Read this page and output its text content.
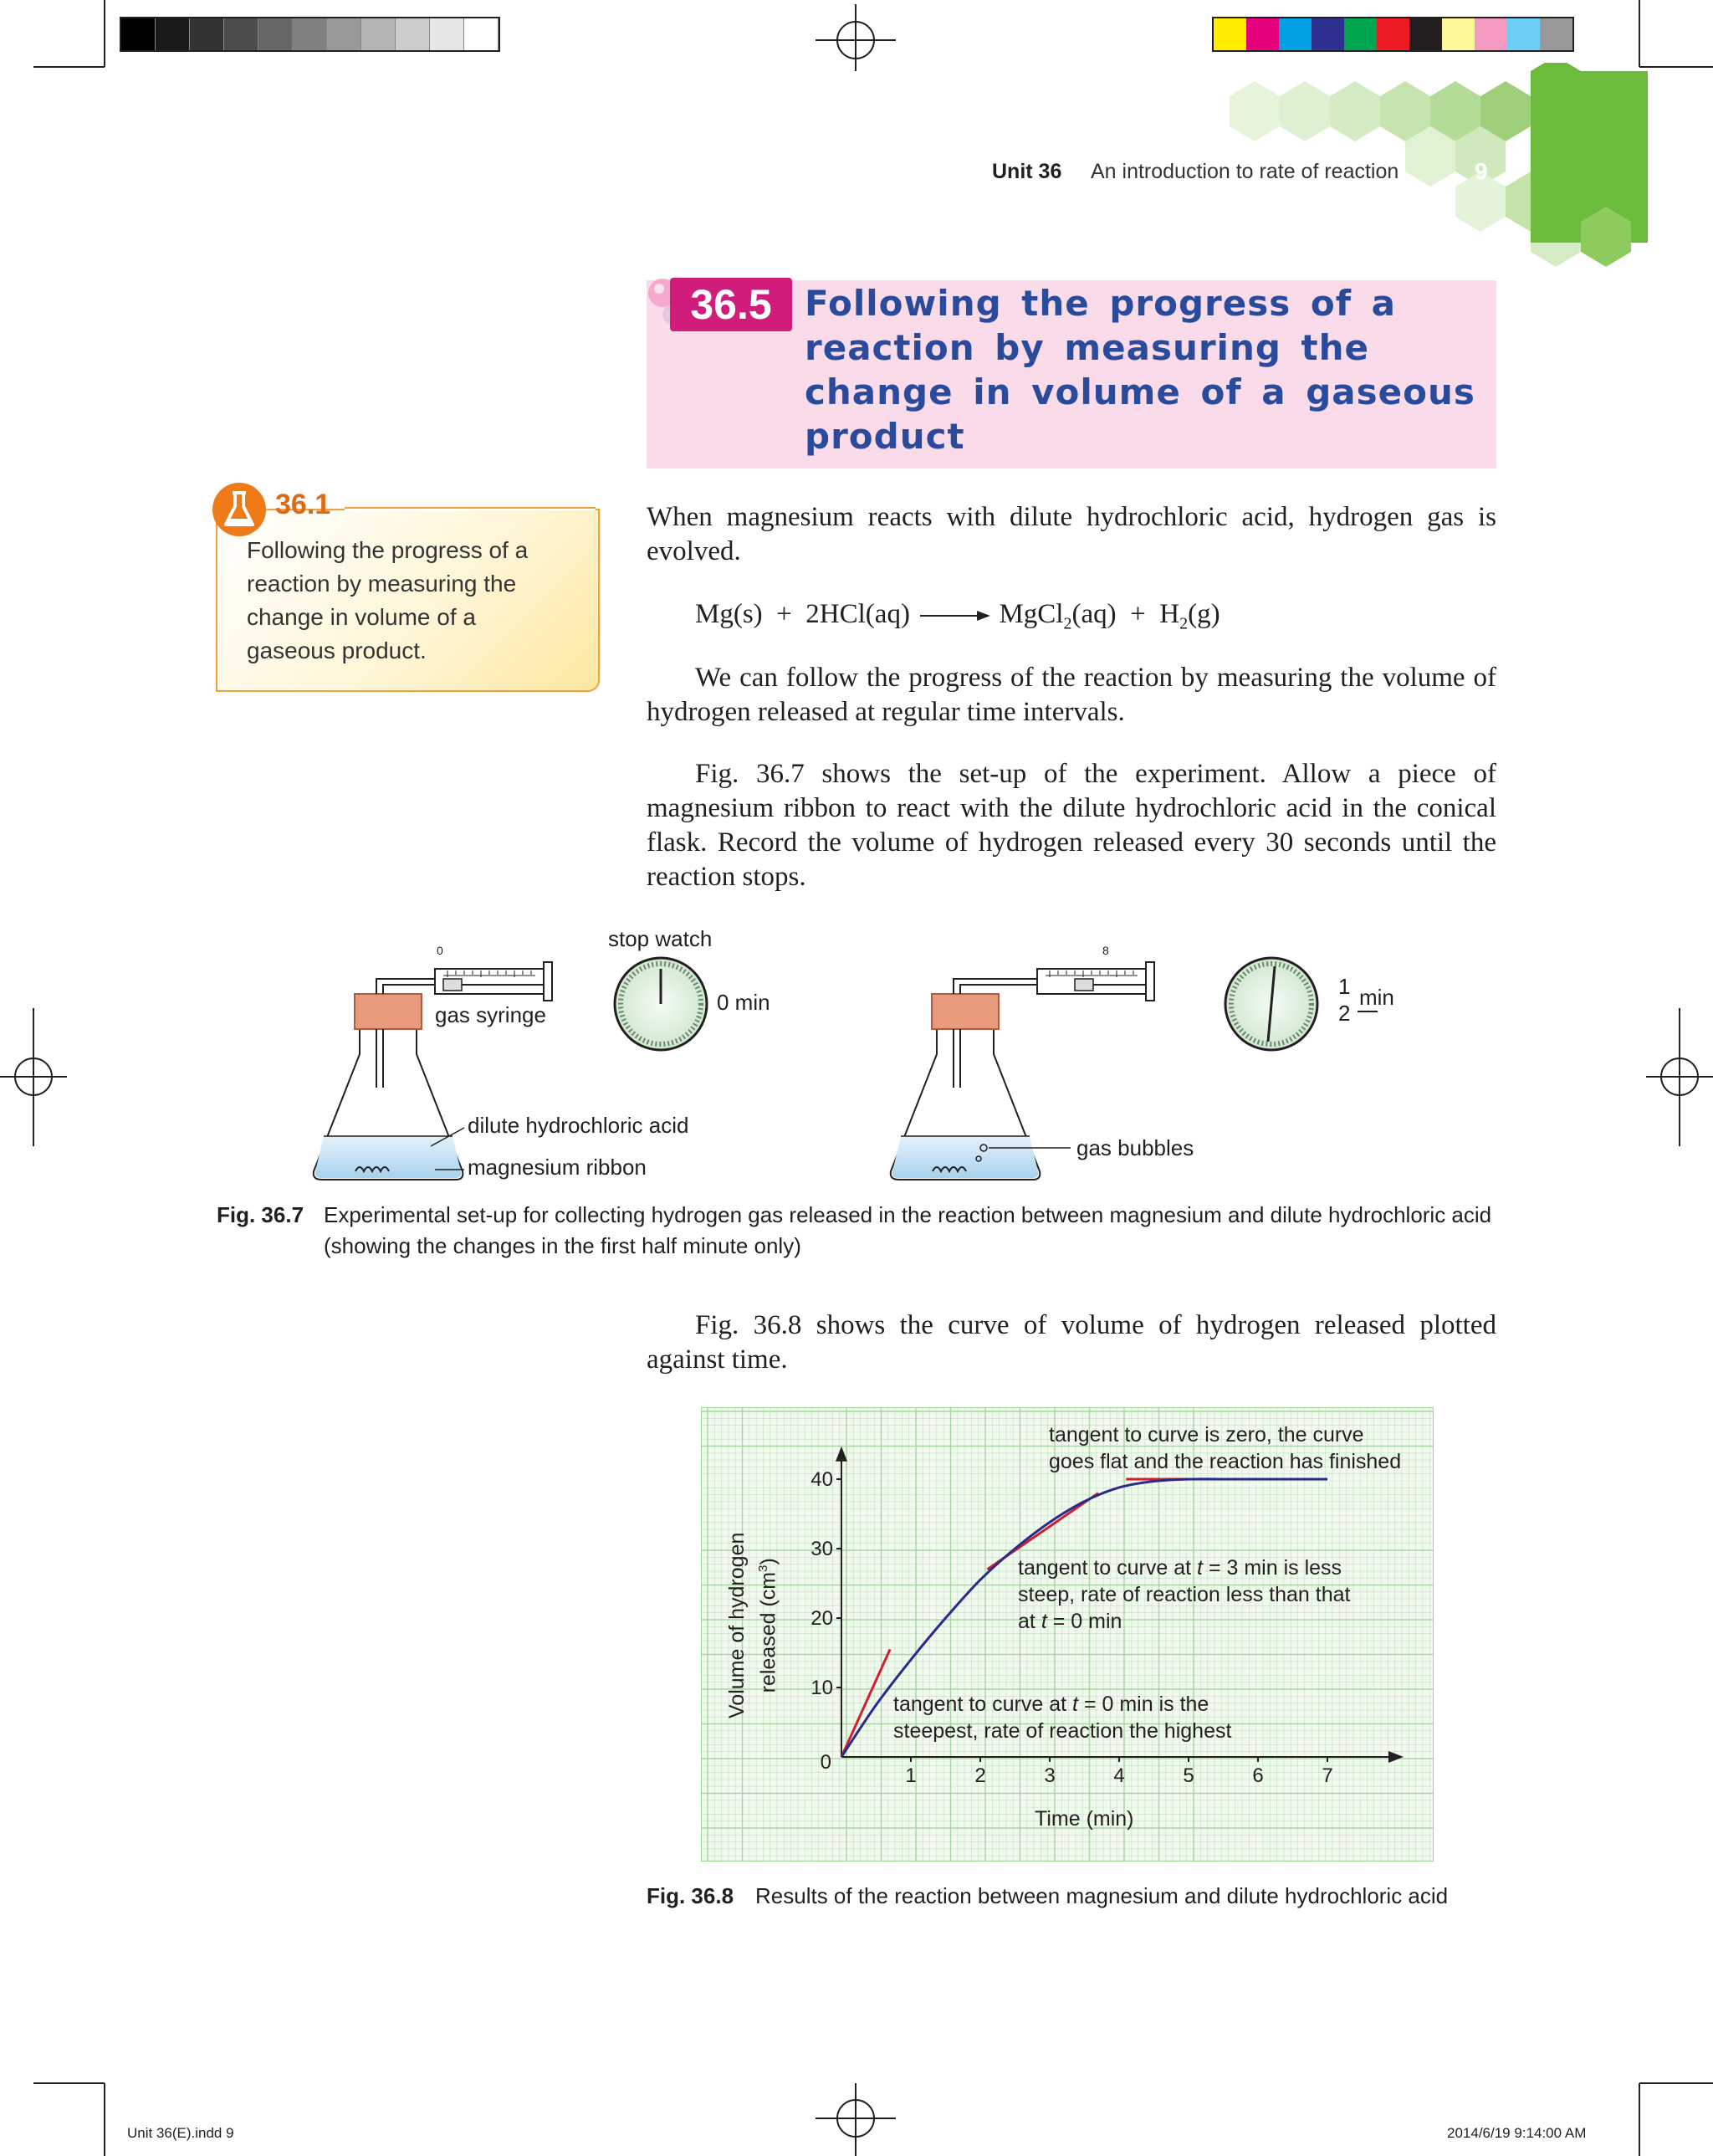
Unit 36 An introduction to rate of reaction	9
36.5 Following the progress of a reaction by measuring the change in volume of a gaseous product
36.1
Following the progress of a reaction by measuring the change in volume of a gaseous product.
When magnesium reacts with dilute hydrochloric acid, hydrogen gas is evolved.
Mg(s) + 2HCl(aq) → MgCl$_2$(aq) + $H_2(g)$
We can follow the progress of the reaction by measuring the volume of hydrogen released at regular time intervals.
Fig. 36.7 shows the set-up of the experiment. Allow a piece of magnesium ribbon to react with the dilute hydrochloric acid in the conical flask. Record the volume of hydrogen released every 30 seconds until the reaction stops.
0	8
stop watch
gas syringe	0 min
dilute hydrochloric acid
magnesium ribbon
gas bubbles
1
2
min
Fig. 36.7 Experimental set-up for collecting hydrogen gas released in the reaction between magnesium and dilute hydrochloric acid (showing the changes in the first half minute only)
Fig. 36.8 shows the curve of volume of hydrogen released plotted against time.
1	2	3	4	5	6	7
10
20
30
40
0
tangent to curve is zero, the curve
goes flat and the reaction has finished
tangent to curve at t = 3 min is less
steep, rate of reaction less than that
at t = 0 min
tangent to curve at t = 0 min is the
steepest, rate of reaction the highest
Time (min)
Volume of hydrogen released $(cm^3)$
Fig. 36.8 Results of the reaction between magnesium and dilute hydrochloric acid
Unit 36(E).indd 9	2014/6/19 9:14:00 AM
